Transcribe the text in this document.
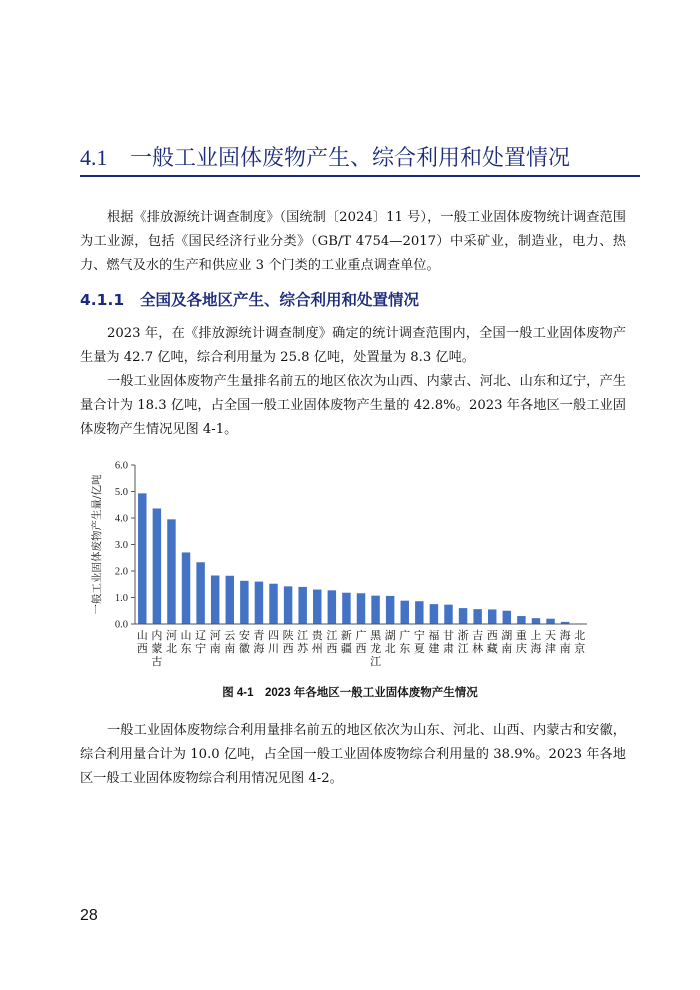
4.1 一般工业固体废物产生、综合利用和处置情况

根据《排放源统计调查制度》（国统制〔2024〕11 号），一般工业固体废物统计调查范围为工业源，包括《国民经济行业分类》（GB/T 4754—2017）中采矿业，制造业，电力、热力、燃气及水的生产和供应业 3 个门类的工业重点调查单位。

4.1.1 全国及各地区产生、综合利用和处置情况

2023 年，在《排放源统计调查制度》确定的统计调查范围内，全国一般工业固体废物产生量为 42.7 亿吨，综合利用量为 25.8 亿吨，处置量为 8.3 亿吨。

一般工业固体废物产生量排名前五的地区依次为山西、内蒙古、河北、山东和辽宁，产生量合计为 18.3 亿吨，占全国一般工业固体废物产生量的 42.8%。2023 年各地区一般工业固体废物产生情况见图 4-1。

0.0
1.0
2.0
3.0
4.0
5.0
6.0
一般工业固体废物产生量/亿吨
山西
内蒙古
河北
山东
辽宁
河南
云南
安徽
青海
四川
陕西
江苏
贵州
江西
新疆
广西
黑龙江
湖北
广东
宁夏
福建
甘肃
浙江
吉林
西藏
湖南
重庆
上海
天津
海南
北京
图 4-1　2023 年各地区一般工业固体废物产生情况

一般工业固体废物综合利用量排名前五的地区依次为山东、河北、山西、内蒙古和安徽，综合利用量合计为 10.0 亿吨，占全国一般工业固体废物综合利用量的 38.9%。2023 年各地区一般工业固体废物综合利用情况见图 4-2。

28
